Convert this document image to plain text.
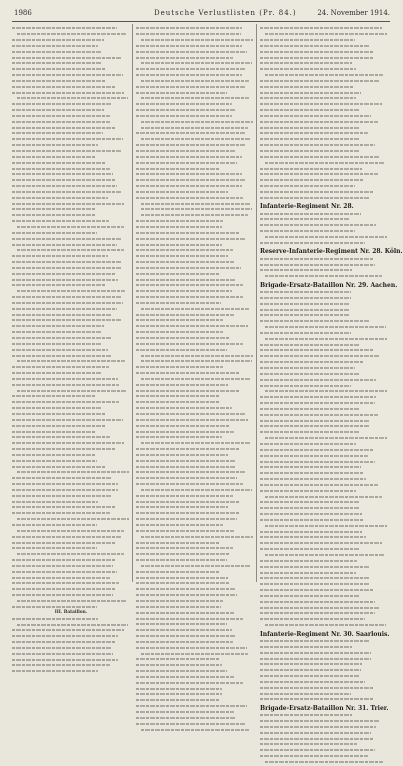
1986	Deutsche Verlustlisten (Pr. 84.)	24. November 1914.
III. Bataillon.
Infanterie-Regiment Nr. 28.
Reserve-Infanterie-Regiment Nr. 28. Köln.
Brigade-Ersatz-Bataillon Nr. 29. Aachen.
Infanterie-Regiment Nr. 30. Saarlouis.
Brigade-Ersatz-Bataillon Nr. 31. Trier.
